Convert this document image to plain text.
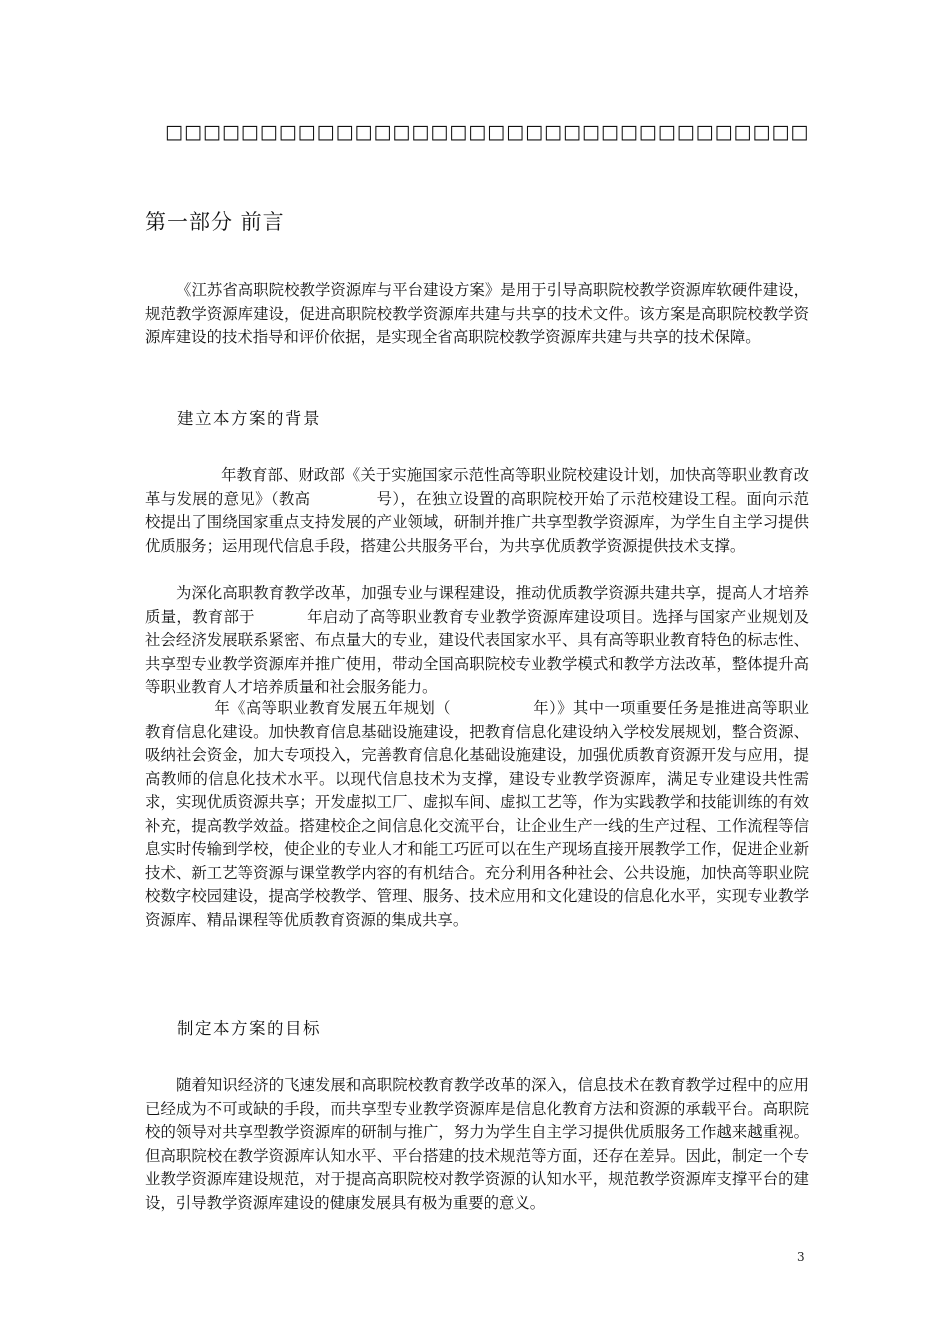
□□□□□□□□□□□□□□□□□□□□□□□□□□□□□□□□□□
第一部分 前言
《江苏省高职院校教学资源库与平台建设方案》是用于引导高职院校教学资源库软硬件建设，规范教学资源库建设，促进高职院校教学资源库共建与共享的技术文件。该方案是高职院校教学资源库建设的技术指导和评价依据，是实现全省高职院校教学资源库共建与共享的技术保障。
建立本方案的背景
年教育部、财政部《关于实施国家示范性高等职业院校建设计划，加快高等职业教育改革与发展的意见》（教高	号），在独立设置的高职院校开始了示范校建设工程。面向示范校提出了围绕国家重点支持发展的产业领域，研制并推广共享型教学资源库，为学生自主学习提供优质服务；运用现代信息手段，搭建公共服务平台，为共享优质教学资源提供技术支撑。
为深化高职教育教学改革，加强专业与课程建设，推动优质教学资源共建共享，提高人才培养质量，教育部于	年启动了高等职业教育专业教学资源库建设项目。选择与国家产业规划及社会经济发展联系紧密、布点量大的专业，建设代表国家水平、具有高等职业教育特色的标志性、共享型专业教学资源库并推广使用，带动全国高职院校专业教学模式和教学方法改革，整体提升高等职业教育人才培养质量和社会服务能力。
年《高等职业教育发展五年规划（	年）》其中一项重要任务是推进高等职业教育信息化建设。加快教育信息基础设施建设，把教育信息化建设纳入学校发展规划，整合资源、吸纳社会资金，加大专项投入，完善教育信息化基础设施建设，加强优质教育资源开发与应用，提高教师的信息化技术水平。以现代信息技术为支撑，建设专业教学资源库，满足专业建设共性需求，实现优质资源共享；开发虚拟工厂、虚拟车间、虚拟工艺等，作为实践教学和技能训练的有效补充，提高教学效益。搭建校企之间信息化交流平台，让企业生产一线的生产过程、工作流程等信息实时传输到学校，使企业的专业人才和能工巧匠可以在生产现场直接开展教学工作，促进企业新技术、新工艺等资源与课堂教学内容的有机结合。充分利用各种社会、公共设施，加快高等职业院校数字校园建设，提高学校教学、管理、服务、技术应用和文化建设的信息化水平，实现专业教学资源库、精品课程等优质教育资源的集成共享。
制定本方案的目标
随着知识经济的飞速发展和高职院校教育教学改革的深入，信息技术在教育教学过程中的应用已经成为不可或缺的手段，而共享型专业教学资源库是信息化教育方法和资源的承载平台。高职院校的领导对共享型教学资源库的研制与推广，努力为学生自主学习提供优质服务工作越来越重视。但高职院校在教学资源库认知水平、平台搭建的技术规范等方面，还存在差异。因此，制定一个专业教学资源库建设规范，对于提高高职院校对教学资源的认知水平，规范教学资源库支撑平台的建设，引导教学资源库建设的健康发展具有极为重要的意义。
3
